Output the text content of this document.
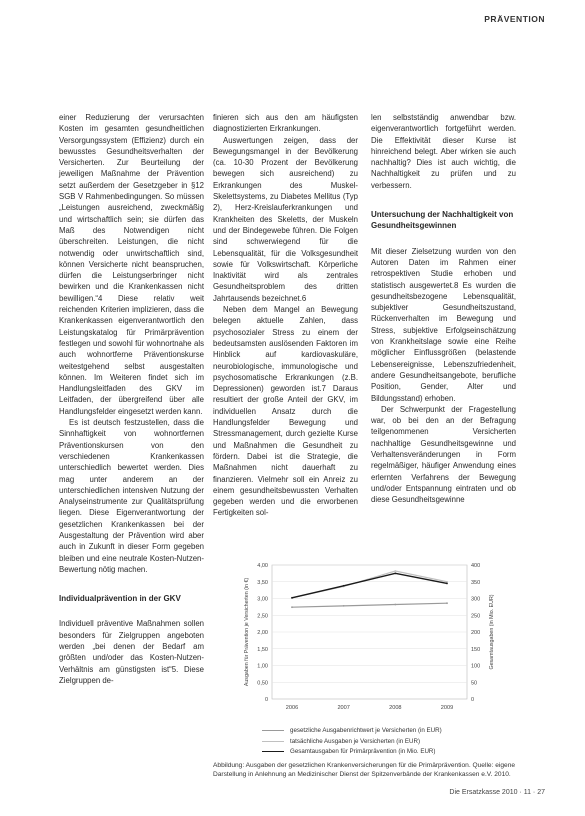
PRÄVENTION

einer Reduzierung der verursachten Kosten im gesamten gesundheitlichen Versorgungssystem (Effizienz) durch ein bewusstes Gesundheitsverhalten der Versicherten. Zur Beurteilung der jeweiligen Maßnahme der Prävention setzt außerdem der Gesetzgeber in §12 SGB V Rahmenbedingungen. So müssen „Leistungen ausreichend, zweckmäßig und wirtschaftlich sein; sie dürfen das Maß des Notwendigen nicht überschreiten. Leistungen, die nicht notwendig oder unwirtschaftlich sind, können Versicherte nicht beanspruchen, dürfen die Leistungserbringer nicht bewirken und die Krankenkassen nicht bewilligen.“4 Diese relativ weit reichenden Kriterien implizieren, dass die Krankenkassen eigenverantwortlich den Leistungskatalog für Primärprävention festlegen und sowohl für wohnortnahe als auch wohnortferne Präventionskurse weitestgehend selbst ausgestalten können. Im Weiteren findet sich im Handlungsleitfaden des GKV im Leitfaden, der übergreifend über alle Handlungsfelder eingesetzt werden kann.

Es ist deutsch festzustellen, dass die Sinnhaftigkeit von wohnortfernen Präventionskursen von den verschiedenen Krankenkassen unterschiedlich bewertet werden. Dies mag unter anderem an der unterschiedlichen intensiven Nutzung der Analyseinstrumente zur Qualitätsprüfung liegen. Diese Eigenverantwortung der gesetzlichen Krankenkassen bei der Ausgestaltung der Prävention wird aber auch in Zukunft in dieser Form gegeben bleiben und eine neutrale Kosten-Nutzen-Bewertung nötig machen.

Individualprävention in der GKV

Individuell präventive Maßnahmen sollen besonders für Zielgruppen angeboten werden „bei denen der Bedarf am größten und/oder das Kosten-Nutzen-Verhältnis am günstigsten ist“5. Diese Zielgruppen de-

finieren sich aus den am häufigsten diagnostizierten Erkrankungen.

Auswertungen zeigen, dass der Bewegungsmangel in der Bevölkerung (ca. 10-30 Prozent der Bevölkerung bewegen sich ausreichend) zu Erkrankungen des Muskel-Skelettsystems, zu Diabetes Mellitus (Typ 2), Herz-Kreislauferkrankungen und Krankheiten des Skeletts, der Muskeln und der Bindegewebe führen. Die Folgen sind schwerwiegend für die Lebensqualität, für die Volksgesundheit sowie für Volkswirtschaft. Körperliche Inaktivität wird als zentrales Gesundheitsproblem des dritten Jahrtausends bezeichnet.6

Neben dem Mangel an Bewegung belegen aktuelle Zahlen, dass psychosozialer Stress zu einem der bedeutsamsten auslösenden Faktoren im Hinblick auf kardiovaskuläre, neurobiologische, immunologische und psychosomatische Erkrankungen (z.B. Depressionen) geworden ist.7 Daraus resultiert der große Anteil der GKV, im individuellen Ansatz durch die Handlungsfelder Bewegung und Stressmanagement, durch gezielte Kurse und Maßnahmen die Gesundheit zu fördern. Dabei ist die Strategie, die Maßnahmen nicht dauerhaft zu finanzieren. Vielmehr soll ein Anreiz zu einem gesundheitsbewussten Verhalten gegeben werden und die erworbenen Fertigkeiten sol-

len selbstständig anwendbar bzw. eigenverantwortlich fortgeführt werden. Die Effektivität dieser Kurse ist hinreichend belegt. Aber wirken sie auch nachhaltig? Dies ist auch wichtig, die Nachhaltigkeit zu prüfen und zu verbessern.

Untersuchung der Nachhaltigkeit von Gesundheitsgewinnen

Mit dieser Zielsetzung wurden von den Autoren Daten im Rahmen einer retrospektiven Studie erhoben und statistisch ausgewertet.8 Es wurden die gesundheitsbezogene Lebensqualität, subjektiver Gesundheitszustand, Rückenverhalten im Bewegung und Stress, subjektive Erfolgseinschätzung von Krankheitslage sowie eine Reihe möglicher Einflussgrößen (belastende Lebensereignisse, Lebenszufriedenheit, andere Gesundheitsangebote, berufliche Position, Gender, Alter und Bildungsstand) erhoben.

Der Schwerpunkt der Fragestellung war, ob bei den an der Befragung teilgenommenen Versicherten nachhaltige Gesundheitsgewinne und Verhaltensveränderungen in Form regelmäßiger, häufiger Anwendung eines erlernten Verfahrens der Bewegung und/oder Entspannung eintraten und ob diese Gesundheitsgewinne

0	0
0,50	50
1,00	100
1,50	150
2,00	200
2,50	250
3,00	300
3,50	350
4,00	400
2006	2007	2008	2009
Ausgaben für Prävention je Versicherten (in €)	Gesamtausgaben (in Mio. EUR)
gesetzliche Ausgabenrichtwert je Versicherten (in EUR)
tatsächliche Ausgaben je Versicherten (in EUR)
Gesamtausgaben für Primärprävention (in Mio. EUR)
Abbildung: Ausgaben der gesetzlichen Krankenversicherungen für die Primärprävention. Quelle: eigene Darstellung in Anlehnung an Medizinischer Dienst der Spitzenverbände der Krankenkassen e.V. 2010.
Die Ersatzkasse 2010 · 11 · 27
